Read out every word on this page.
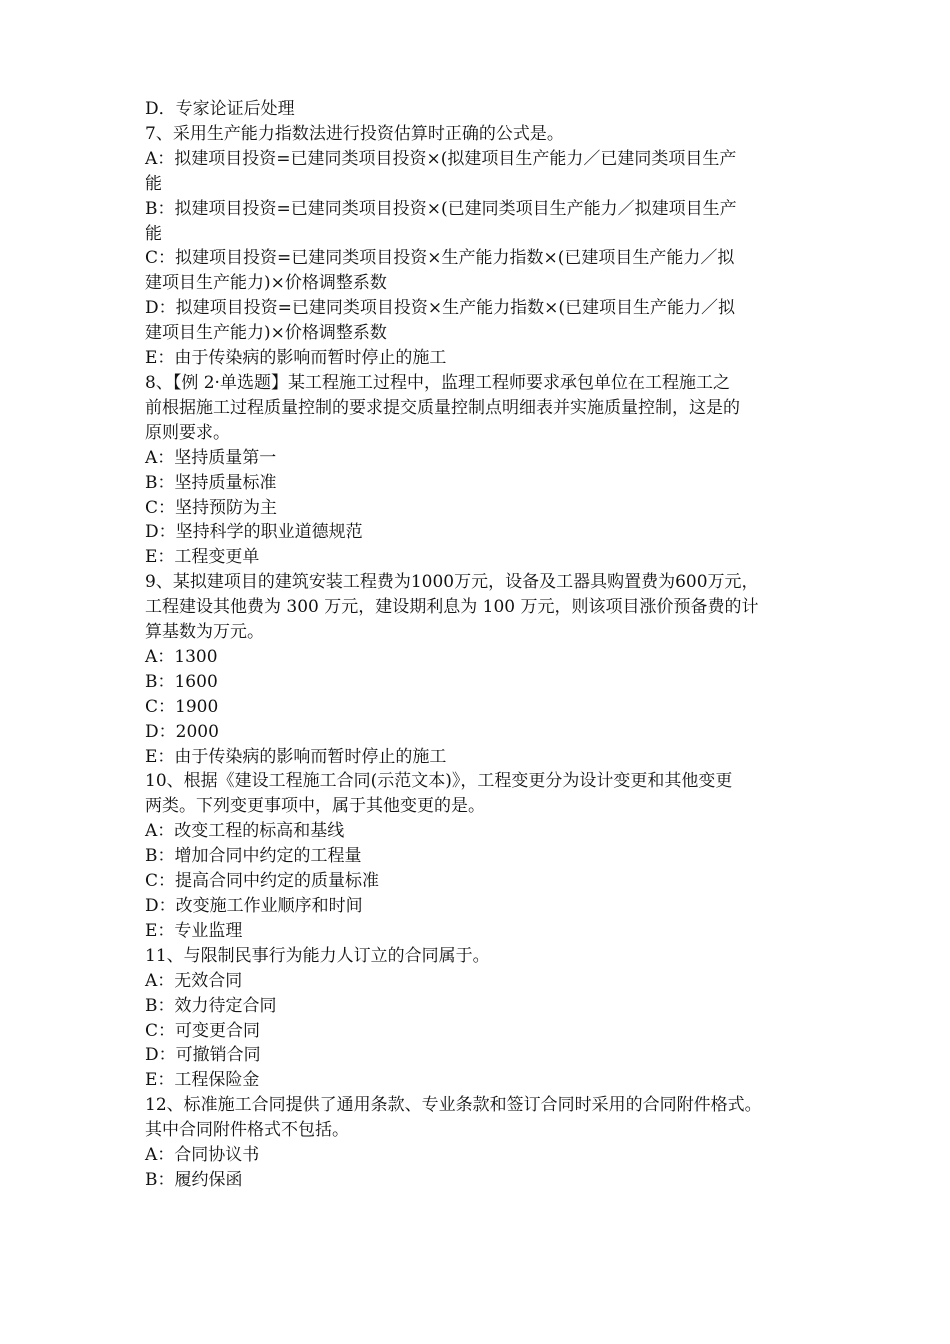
D．专家论证后处理
7、采用生产能力指数法进行投资估算时正确的公式是。
A：拟建项目投资=已建同类项目投资×(拟建项目生产能力／已建同类项目生产
能
B：拟建项目投资=已建同类项目投资×(已建同类项目生产能力／拟建项目生产
能
C：拟建项目投资=已建同类项目投资×生产能力指数×(已建项目生产能力／拟
建项目生产能力)×价格调整系数
D：拟建项目投资=已建同类项目投资×生产能力指数×(已建项目生产能力／拟
建项目生产能力)×价格调整系数
E：由于传染病的影响而暂时停止的施工
8、【例 2·单选题】某工程施工过程中，监理工程师要求承包单位在工程施工之
前根据施工过程质量控制的要求提交质量控制点明细表并实施质量控制，这是的
原则要求。
A：坚持质量第一
B：坚持质量标准
C：坚持预防为主
D：坚持科学的职业道德规范
E：工程变更单
9、某拟建项目的建筑安装工程费为1000万元，设备及工器具购置费为600万元，
工程建设其他费为 300 万元，建设期利息为 100 万元，则该项目涨价预备费的计
算基数为万元。
A：1300
B：1600
C：1900
D：2000
E：由于传染病的影响而暂时停止的施工
10、根据《建设工程施工合同(示范文本)》，工程变更分为设计变更和其他变更
两类。下列变更事项中，属于其他变更的是。
A：改变工程的标高和基线
B：增加合同中约定的工程量
C：提高合同中约定的质量标准
D：改变施工作业顺序和时间
E：专业监理
11、与限制民事行为能力人订立的合同属于。
A：无效合同
B：效力待定合同
C：可变更合同
D：可撤销合同
E：工程保险金
12、标准施工合同提供了通用条款、专业条款和签订合同时采用的合同附件格式。
其中合同附件格式不包括。
A：合同协议书
B：履约保函
